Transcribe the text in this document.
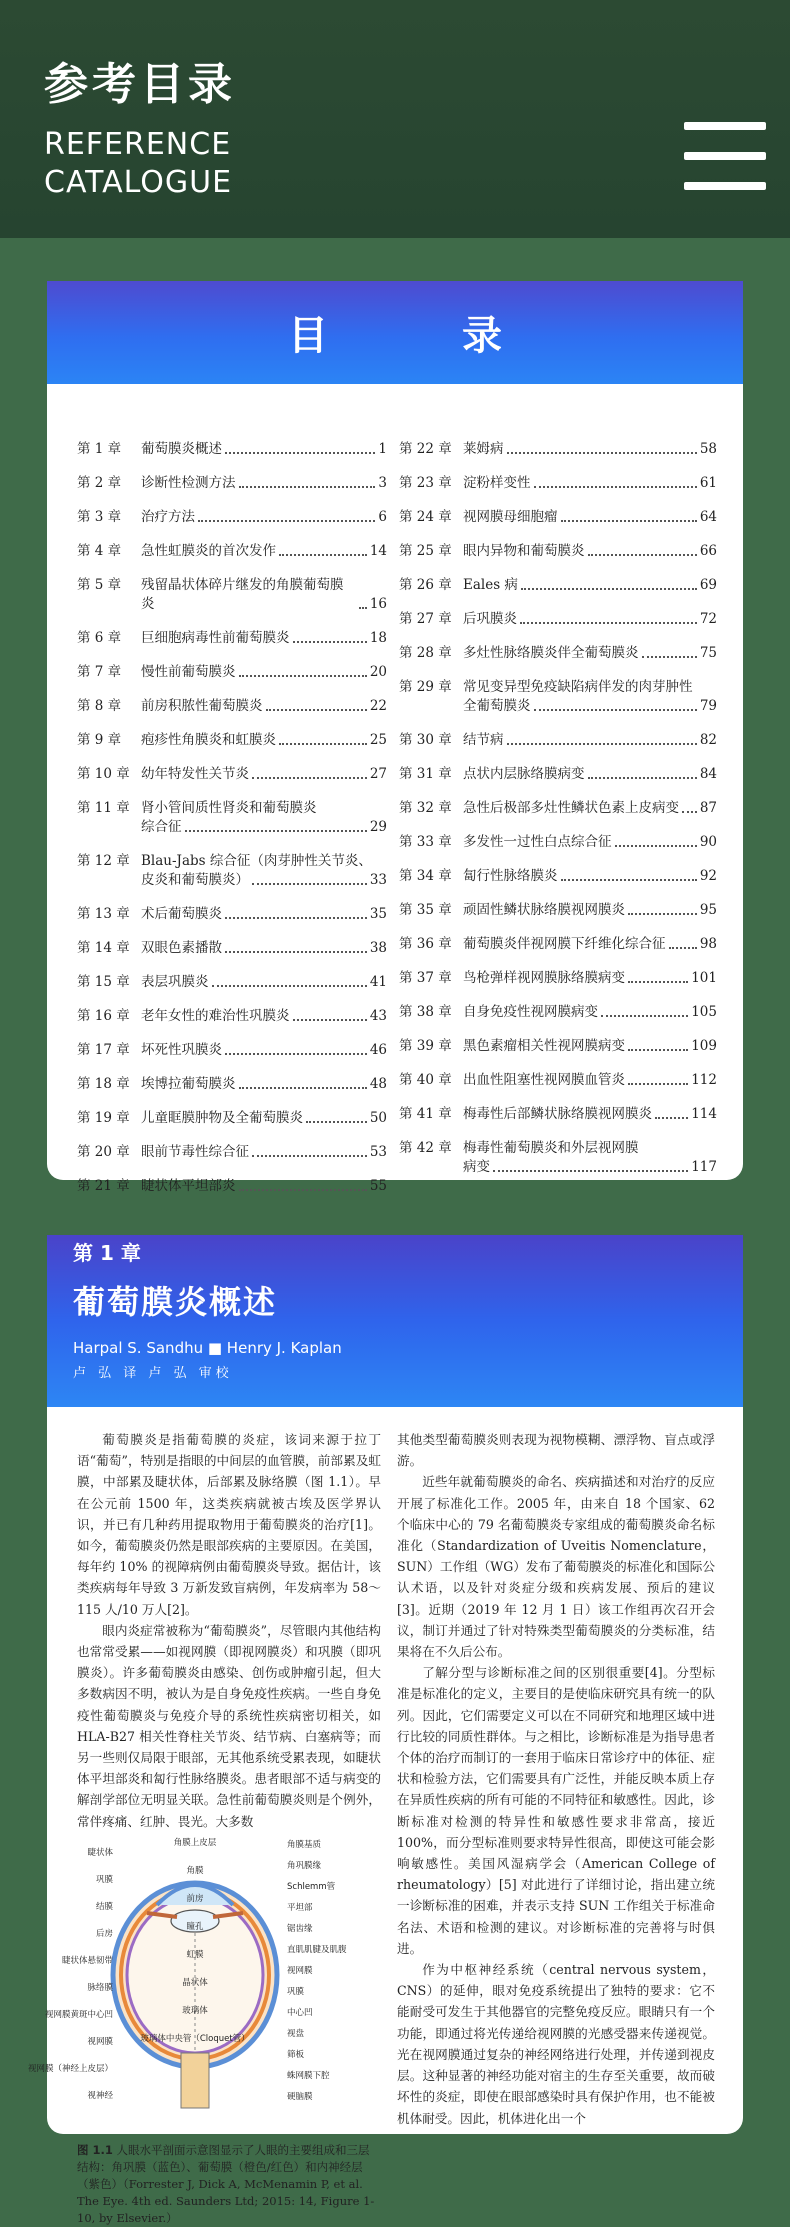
参考目录
REFERENCE
CATALOGUE
目 录
第 1 章	葡萄膜炎概述	1
第 2 章	诊断性检测方法	3
第 3 章	治疗方法	6
第 4 章	急性虹膜炎的首次发作	14
第 5 章	残留晶状体碎片继发的角膜葡萄膜炎	16
第 6 章	巨细胞病毒性前葡萄膜炎	18
第 7 章	慢性前葡萄膜炎	20
第 8 章	前房积脓性葡萄膜炎	22
第 9 章	疱疹性角膜炎和虹膜炎	25
第 10 章 幼年特发性关节炎	27
第 11 章 肾小管间质性肾炎和葡萄膜炎
综合征	29
第 12 章 Blau-Jabs 综合征（肉芽肿性关节炎、
皮炎和葡萄膜炎）	33
第 13 章 术后葡萄膜炎	35
第 14 章 双眼色素播散	38
第 15 章 表层巩膜炎	41
第 16 章 老年女性的难治性巩膜炎	43
第 17 章 坏死性巩膜炎	46
第 18 章 埃博拉葡萄膜炎	48
第 19 章 儿童眶膜肿物及全葡萄膜炎	50
第 20 章 眼前节毒性综合征	53
第 21 章 睫状体平坦部炎	55
第 22 章 莱姆病	58
第 23 章 淀粉样变性	61
第 24 章 视网膜母细胞瘤	64
第 25 章 眼内异物和葡萄膜炎	66
第 26 章 Eales 病	69
第 27 章 后巩膜炎	72
第 28 章 多灶性脉络膜炎伴全葡萄膜炎	75
第 29 章 常见变异型免疫缺陷病伴发的肉芽肿性
全葡萄膜炎	79
第 30 章 结节病	82
第 31 章 点状内层脉络膜病变	84
第 32 章 急性后极部多灶性鳞状色素上皮病变 87
第 33 章 多发性一过性白点综合征	90
第 34 章 匐行性脉络膜炎	92
第 35 章 顽固性鳞状脉络膜视网膜炎	95
第 36 章 葡萄膜炎伴视网膜下纤维化综合征	98
第 37 章 鸟枪弹样视网膜脉络膜病变	101
第 38 章 自身免疫性视网膜病变	105
第 39 章 黑色素瘤相关性视网膜病变	109
第 40 章 出血性阻塞性视网膜血管炎	112
第 41 章 梅毒性后部鳞状脉络膜视网膜炎	114
第 42 章 梅毒性葡萄膜炎和外层视网膜
病变	117
第 1 章
葡萄膜炎概述
Harpal S. Sandhu ■ Henry J. Kaplan
卢 弘 译 卢 弘 审校

葡萄膜炎是指葡萄膜的炎症，该词来源于拉丁语“葡萄”，特别是指眼的中间层的血管膜，前部累及虹膜，中部累及睫状体，后部累及脉络膜（图 1.1）。早在公元前 1500 年，这类疾病就被古埃及医学界认识，并已有几种药用提取物用于葡萄膜炎的治疗[1]。如今，葡萄膜炎仍然是眼部疾病的主要原因。在美国，每年约 10% 的视障病例由葡萄膜炎导致。据估计，该类疾病每年导致 3 万新发致盲病例，年发病率为 58～115 人/10 万人[2]。

眼内炎症常被称为“葡萄膜炎”，尽管眼内其他结构也常常受累——如视网膜（即视网膜炎）和巩膜（即巩膜炎）。许多葡萄膜炎由感染、创伤或肿瘤引起，但大多数病因不明，被认为是自身免疫性疾病。一些自身免疫性葡萄膜炎与免疫介导的系统性疾病密切相关，如 HLA-B27 相关性脊柱关节炎、结节病、白塞病等；而另一些则仅局限于眼部，无其他系统受累表现，如睫状体平坦部炎和匐行性脉络膜炎。患者眼部不适与病变的解剖学部位无明显关联。急性前葡萄膜炎则是个例外，常伴疼痛、红肿、畏光。大多数

睫状体
巩膜
结膜
后房
睫状体悬韧带
脉络膜
视网膜黄斑中心凹
视网膜
视网膜（神经上皮层）
视神经
角膜上皮层
角膜
前房
瞳孔
虹膜
晶状体
玻璃体
玻璃体中央管（Cloquet管）
角膜基质
角巩膜缘
Schlemm管
平坦部
锯齿缘
直肌肌腱及肌腹
视网膜
巩膜
中心凹
视盘
筛板
蛛网膜下腔
硬脑膜
图 1.1 人眼水平剖面示意图显示了人眼的主要组成和三层结构：角巩膜（蓝色）、葡萄膜（橙色/红色）和内神经层（紫色）（Forrester J, Dick A, McMenamin P, et al. The Eye. 4th ed. Saunders Ltd; 2015: 14, Figure 1-10, by Elsevier.）

其他类型葡萄膜炎则表现为视物模糊、漂浮物、盲点或浮游。

近些年就葡萄膜炎的命名、疾病描述和对治疗的反应开展了标准化工作。2005 年，由来自 18 个国家、62 个临床中心的 79 名葡萄膜炎专家组成的葡萄膜炎命名标准化（Standardization of Uveitis Nomenclature，SUN）工作组（WG）发布了葡萄膜炎的标准化和国际公认术语，以及针对炎症分级和疾病发展、预后的建议[3]。近期（2019 年 12 月 1 日）该工作组再次召开会议，制订并通过了针对特殊类型葡萄膜炎的分类标准，结果将在不久后公布。

了解分型与诊断标准之间的区别很重要[4]。分型标准是标准化的定义，主要目的是使临床研究具有统一的队列。因此，它们需要定义可以在不同研究和地理区域中进行比较的同质性群体。与之相比，诊断标准是为指导患者个体的治疗而制订的一套用于临床日常诊疗中的体征、症状和检验方法，它们需要具有广泛性，并能反映本质上存在异质性疾病的所有可能的不同特征和敏感性。因此，诊断标准对检测的特异性和敏感性要求非常高，接近 100%，而分型标准则要求特异性很高，即使这可能会影响敏感性。美国风湿病学会（American College of rheumatology）[5] 对此进行了详细讨论，指出建立统一诊断标准的困难，并表示支持 SUN 工作组关于标准命名法、术语和检测的建议。对诊断标准的完善将与时俱进。

作为中枢神经系统（central nervous system，CNS）的延伸，眼对免疫系统提出了独特的要求：它不能耐受可发生于其他器官的完整免疫反应。眼睛只有一个功能，即通过将光传递给视网膜的光感受器来传递视觉。光在视网膜通过复杂的神经网络进行处理，并传递到视皮层。这种显著的神经功能对宿主的生存至关重要，故而破坏性的炎症，即使在眼部感染时具有保护作用，也不能被机体耐受。因此，机体进化出一个
